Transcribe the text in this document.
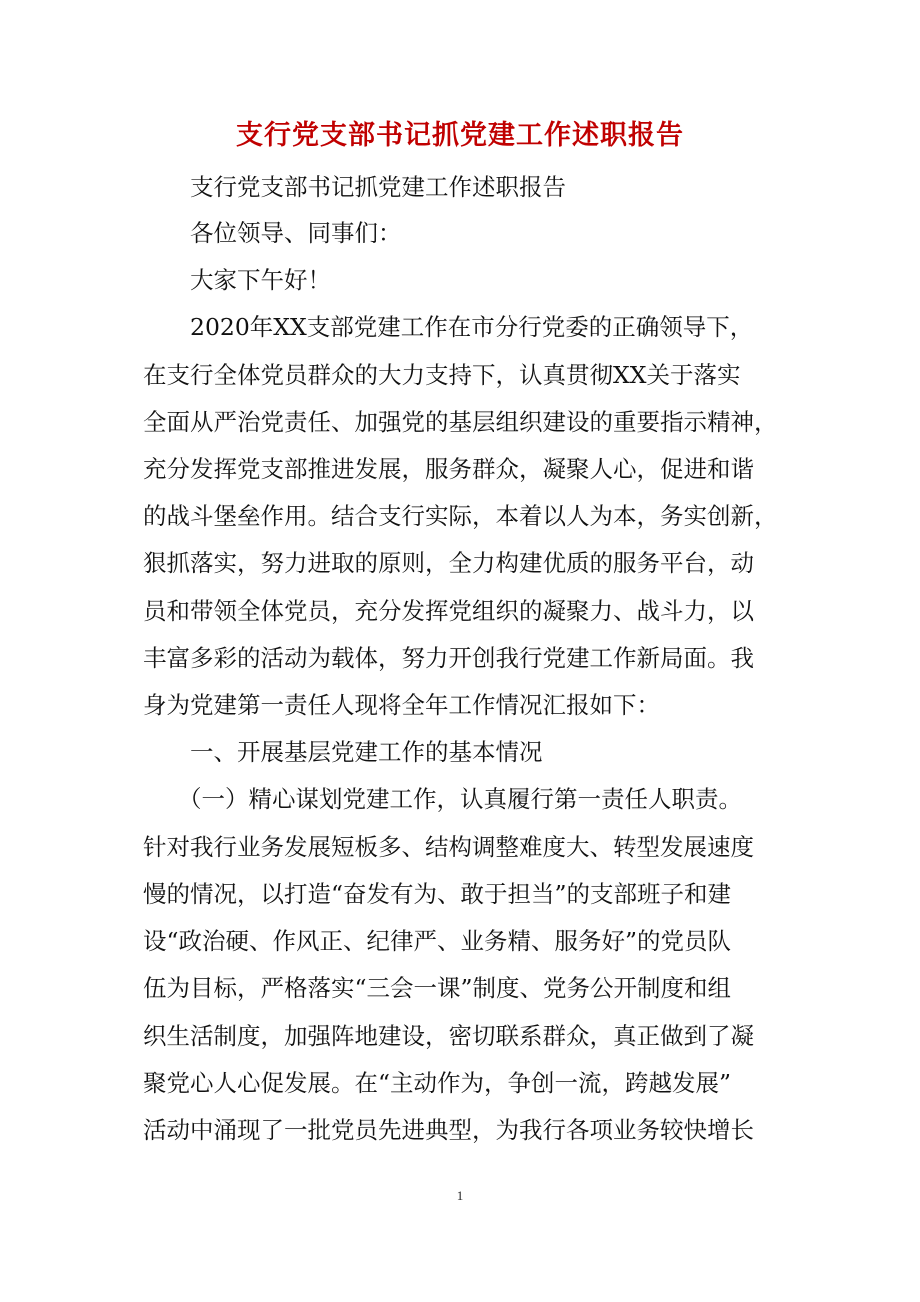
支行党支部书记抓党建工作述职报告

支行党支部书记抓党建工作述职报告

各位领导、同事们：

大家下午好！

2020年XX支部党建工作在市分行党委的正确领导下，

在支行全体党员群众的大力支持下，认真贯彻XX关于落实

全面从严治党责任、加强党的基层组织建设的重要指示精神，

充分发挥党支部推进发展，服务群众，凝聚人心，促进和谐

的战斗堡垒作用。结合支行实际，本着以人为本，务实创新，

狠抓落实，努力进取的原则，全力构建优质的服务平台，动

员和带领全体党员，充分发挥党组织的凝聚力、战斗力，以

丰富多彩的活动为载体，努力开创我行党建工作新局面。我

身为党建第一责任人现将全年工作情况汇报如下：

一、开展基层党建工作的基本情况

（一）精心谋划党建工作，认真履行第一责任人职责。

针对我行业务发展短板多、结构调整难度大、转型发展速度

慢的情况，以打造“奋发有为、敢于担当”的支部班子和建

设“政治硬、作风正、纪律严、业务精、服务好”的党员队

伍为目标，严格落实“三会一课”制度、党务公开制度和组

织生活制度，加强阵地建设，密切联系群众，真正做到了凝

聚党心人心促发展。在“主动作为，争创一流，跨越发展”

活动中涌现了一批党员先进典型，为我行各项业务较快增长

1
